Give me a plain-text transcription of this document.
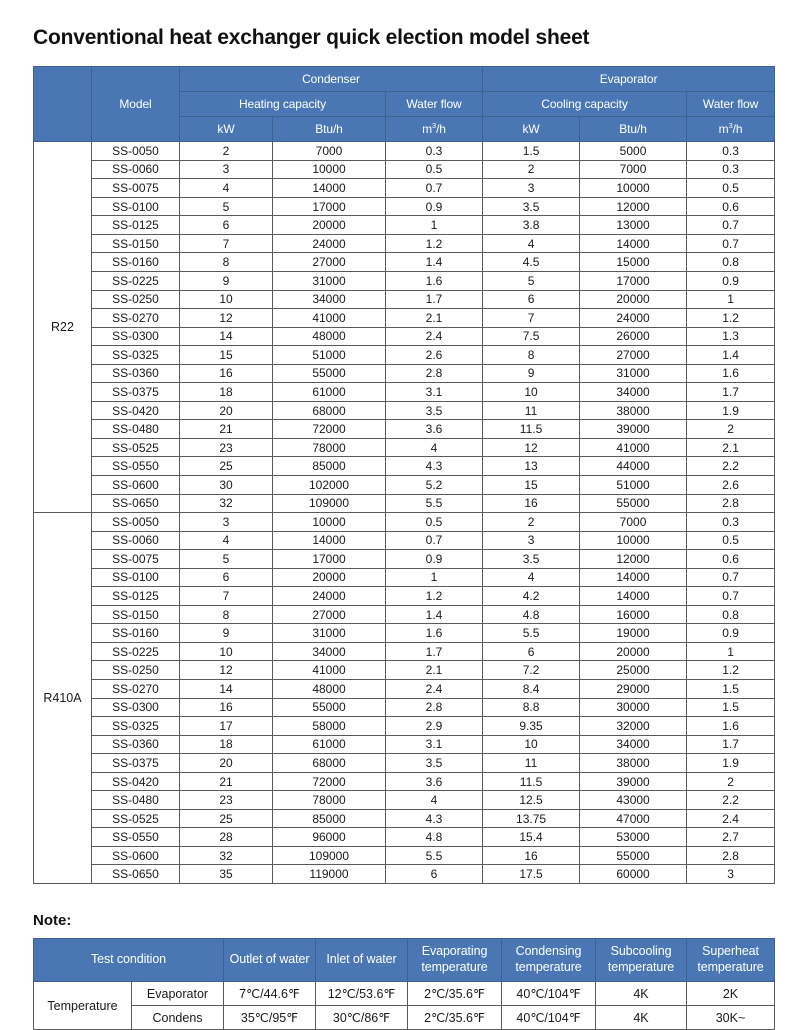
Conventional heat exchanger quick election model sheet
	Model	Condenser			Evaporator		
		Heating capacity		Water flow	Cooling capacity		Water flow
		kW	Btu/h	$m^3/h$	kW	Btu/h	$m^3/h$
R22	SS-0050	2	7000	0.3	1.5	5000	0.3
	SS-0060	3	10000	0.5	2	7000	0.3
	SS-0075	4	14000	0.7	3	10000	0.5
	SS-0100	5	17000	0.9	3.5	12000	0.6
	SS-0125	6	20000	1	3.8	13000	0.7
	SS-0150	7	24000	1.2	4	14000	0.7
	SS-0160	8	27000	1.4	4.5	15000	0.8
	SS-0225	9	31000	1.6	5	17000	0.9
	SS-0250	10	34000	1.7	6	20000	1
	SS-0270	12	41000	2.1	7	24000	1.2
	SS-0300	14	48000	2.4	7.5	26000	1.3
	SS-0325	15	51000	2.6	8	27000	1.4
	SS-0360	16	55000	2.8	9	31000	1.6
	SS-0375	18	61000	3.1	10	34000	1.7
	SS-0420	20	68000	3.5	11	38000	1.9
	SS-0480	21	72000	3.6	11.5	39000	2
	SS-0525	23	78000	4	12	41000	2.1
	SS-0550	25	85000	4.3	13	44000	2.2
	SS-0600	30	102000	5.2	15	51000	2.6
	SS-0650	32	109000	5.5	16	55000	2.8
R410A	SS-0050	3	10000	0.5	2	7000	0.3
	SS-0060	4	14000	0.7	3	10000	0.5
	SS-0075	5	17000	0.9	3.5	12000	0.6
	SS-0100	6	20000	1	4	14000	0.7
	SS-0125	7	24000	1.2	4.2	14000	0.7
	SS-0150	8	27000	1.4	4.8	16000	0.8
	SS-0160	9	31000	1.6	5.5	19000	0.9
	SS-0225	10	34000	1.7	6	20000	1
	SS-0250	12	41000	2.1	7.2	25000	1.2
	SS-0270	14	48000	2.4	8.4	29000	1.5
	SS-0300	16	55000	2.8	8.8	30000	1.5
	SS-0325	17	58000	2.9	9.35	32000	1.6
	SS-0360	18	61000	3.1	10	34000	1.7
	SS-0375	20	68000	3.5	11	38000	1.9
	SS-0420	21	72000	3.6	11.5	39000	2
	SS-0480	23	78000	4	12.5	43000	2.2
	SS-0525	25	85000	4.3	13.75	47000	2.4
	SS-0550	28	96000	4.8	15.4	53000	2.7
	SS-0600	32	109000	5.5	16	55000	2.8
	SS-0650	35	119000	6	17.5	60000	3
Note:
Test condition		Outlet of water	Inlet of water	Evaporating temperature	Condensing temperature	Subcooling temperature	Superheat temperature
Temperature	Evaporator	7℃/44.6℉	12℃/53.6℉	2℃/35.6℉	40℃/104℉	4K	2K
	Condens	35℃/95℉	30℃/86℉	2℃/35.6℉	40℃/104℉	4K	30K~
